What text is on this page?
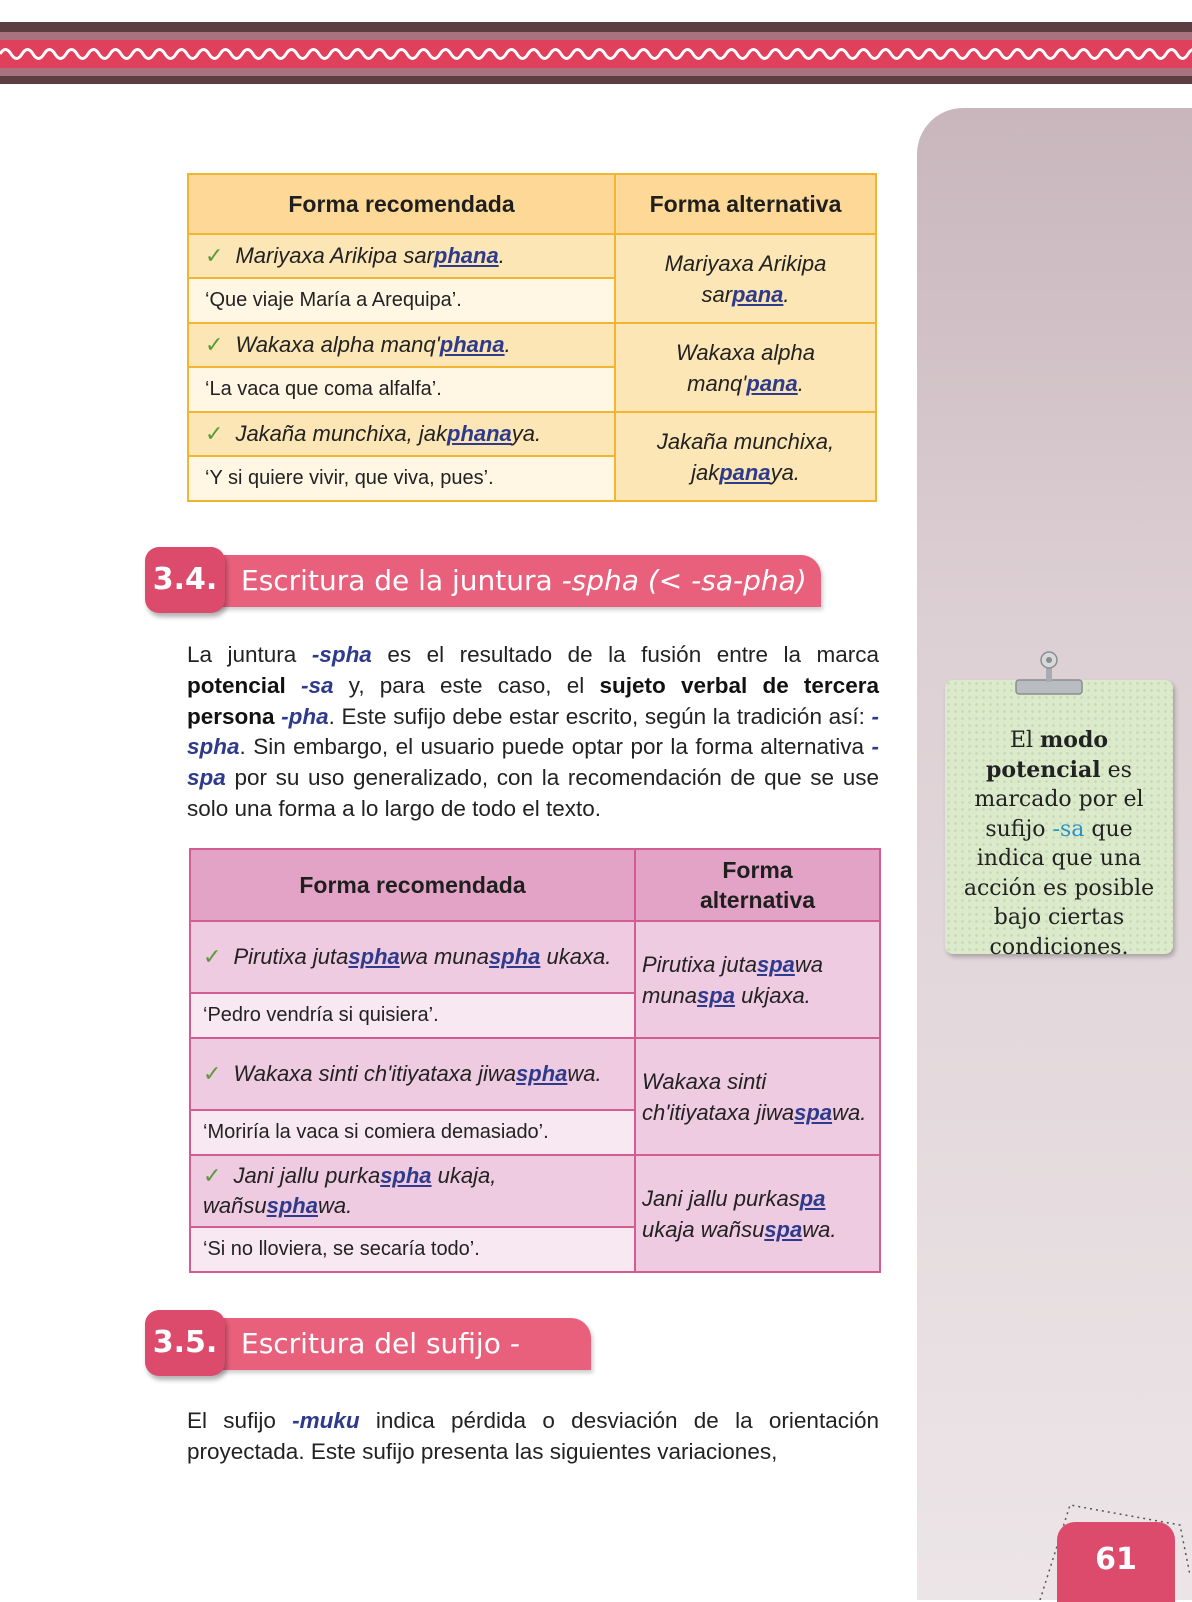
Forma recomendada	Forma alternativa
✓ Mariyaxa Arikipa sarphana.	Mariyaxa Arikipa sarpana.
‘Que viaje María a Arequipa’.	
✓ Wakaxa alpha manq'phana.	Wakaxa alpha manq'pana.
‘La vaca que coma alfalfa’.	
✓ Jakaña munchixa, jakphanaya.	Jakaña munchixa, jakpanaya.
‘Y si quiere vivir, que viva, pues’.	
3.4. Escritura de la juntura -spha (< -sa-pha)
La juntura -spha es el resultado de la fusión entre la marca potencial -sa y, para este caso, el sujeto verbal de tercera persona -pha. Este sufijo debe estar escrito, según la tradición así: -spha. Sin embargo, el usuario puede optar por la forma alternativa -spa por su uso generalizado, con la recomendación de que se use solo una forma a lo largo de todo el texto.
Forma recomendada	Forma alternativa
✓ Pirutixa jutasphawa munaspha ukaxa.	Pirutixa jutaspawa munaspa ukjaxa.
‘Pedro vendría si quisiera’.	
✓ Wakaxa sinti ch'itiyataxa jiwasphawa.	Wakaxa sinti ch'itiyataxa jiwaspawa.
‘Moriría la vaca si comiera demasiado’.	
✓ Jani jallu purkaspha ukaja, wañsusphawa.	Jani jallu purkaspa ukaja wañsuspawa.
‘Si no lloviera, se secaría todo’.	
3.5. Escritura del sufijo -muku
El sufijo -muku indica pérdida o desviación de la orientación proyectada. Este sufijo presenta las siguientes variaciones,

El modo potencial es marcado por el sufijo -sa que indica que una acción es posible bajo ciertas condiciones.

61
